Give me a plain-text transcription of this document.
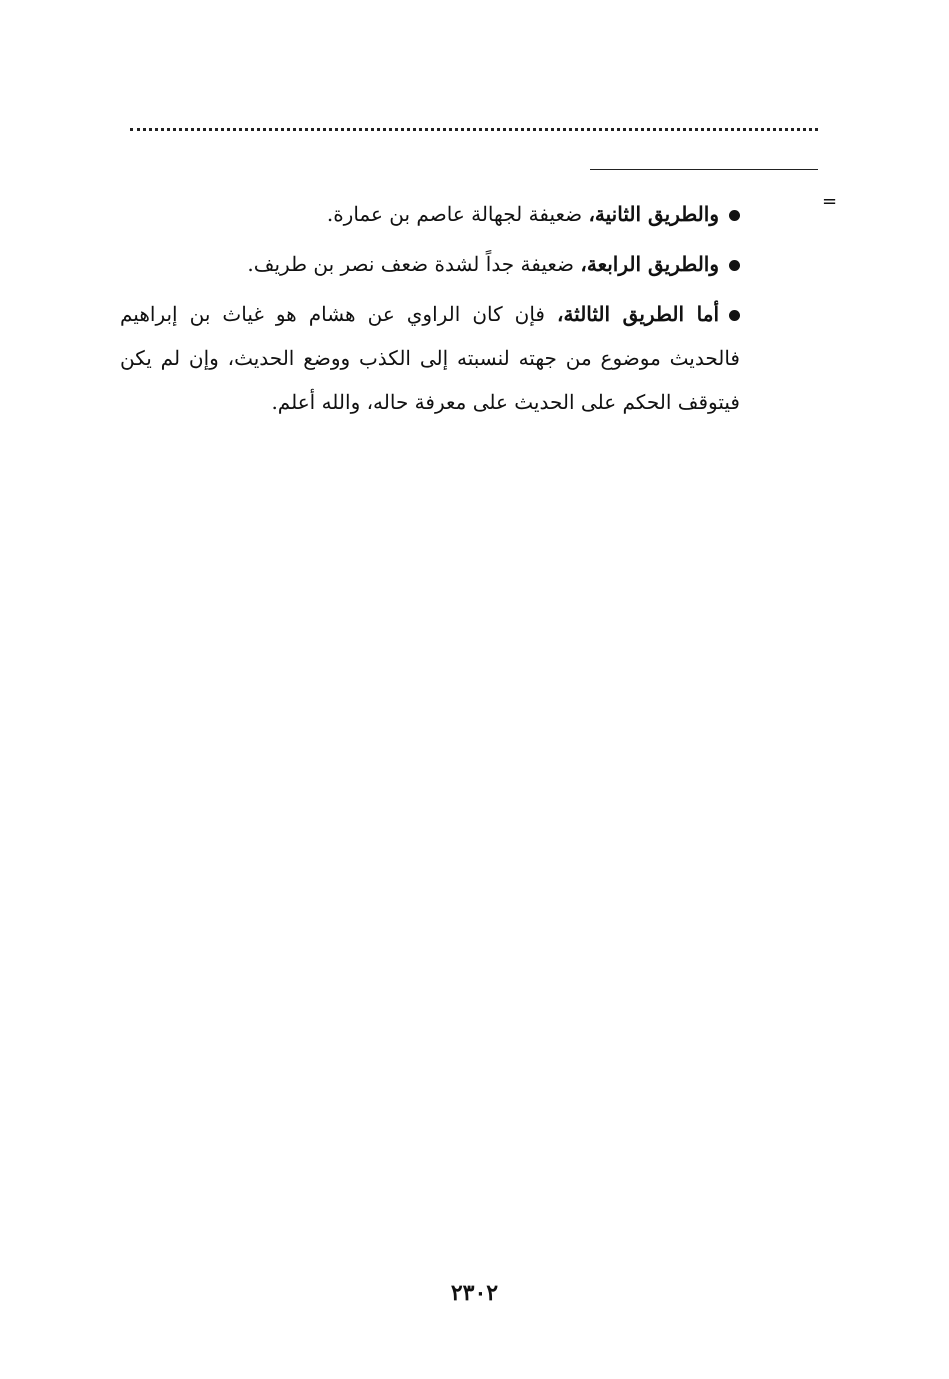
=

والطريق الثانية، ضعيفة لجهالة عاصم بن عمارة.

والطريق الرابعة، ضعيفة جداً لشدة ضعف نصر بن طريف.

أما الطريق الثالثة، فإن كان الراوي عن هشام هو غياث بن إبراهيم فالحديث موضوع من جهته لنسبته إلى الكذب ووضع الحديث، وإن لم يكن فيتوقف الحكم على الحديث على معرفة حاله، والله أعلم.

٢٣٠٢
